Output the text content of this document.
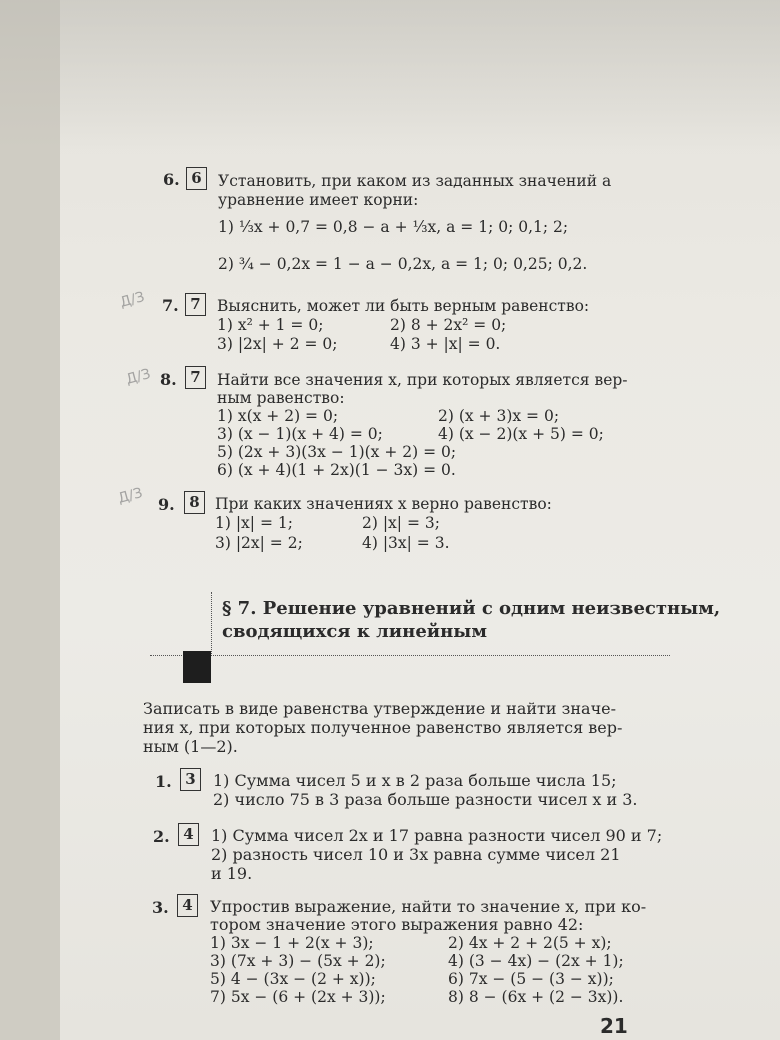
6. 6	Установить, при каком из заданных значений a
уравнение имеет корни:
1) ⅓x + 0,7 = 0,8 − a + ⅓x, a = 1; 0; 0,1; 2;
2) ¾ − 0,2x = 1 − a − 0,2x, a = 1; 0; 0,25; 0,2.
Д/З 7. 7	Выяснить, может ли быть верным равенство:
1) x² + 1 = 0;	2) 8 + 2x² = 0;
3) |2x| + 2 = 0;	4) 3 + |x| = 0.
Д/З 8. 7	Найти все значения x, при которых является вер-
ным равенство:
1) x(x + 2) = 0;	2) (x + 3)x = 0;
3) (x − 1)(x + 4) = 0;	4) (x − 2)(x + 5) = 0;
5) (2x + 3)(3x − 1)(x + 2) = 0;
6) (x + 4)(1 + 2x)(1 − 3x) = 0.
Д/З 9. 8 При каких значениях x верно равенство:
1) |x| = 1;	2) |x| = 3;
3) |2x| = 2;	4) |3x| = 3.
§ 7. Решение уравнений с одним неизвестным,
сводящихся к линейным
Записать в виде равенства утверждение и найти значе-
ния x, при которых полученное равенство является вер-
ным (1—2).
1. 3	1) Сумма чисел 5 и x в 2 раза больше числа 15;
2) число 75 в 3 раза больше разности чисел x и 3.
2. 4	1) Сумма чисел 2x и 17 равна разности чисел 90 и 7;
2) разность чисел 10 и 3x равна сумме чисел 21
и 19.
3. 4	Упростив выражение, найти то значение x, при ко-
тором значение этого выражения равно 42:
1) 3x − 1 + 2(x + 3);	2) 4x + 2 + 2(5 + x);
3) (7x + 3) − (5x + 2);	4) (3 − 4x) − (2x + 1);
5) 4 − (3x − (2 + x));	6) 7x − (5 − (3 − x));
7) 5x − (6 + (2x + 3));	8) 8 − (6x + (2 − 3x)).
21
